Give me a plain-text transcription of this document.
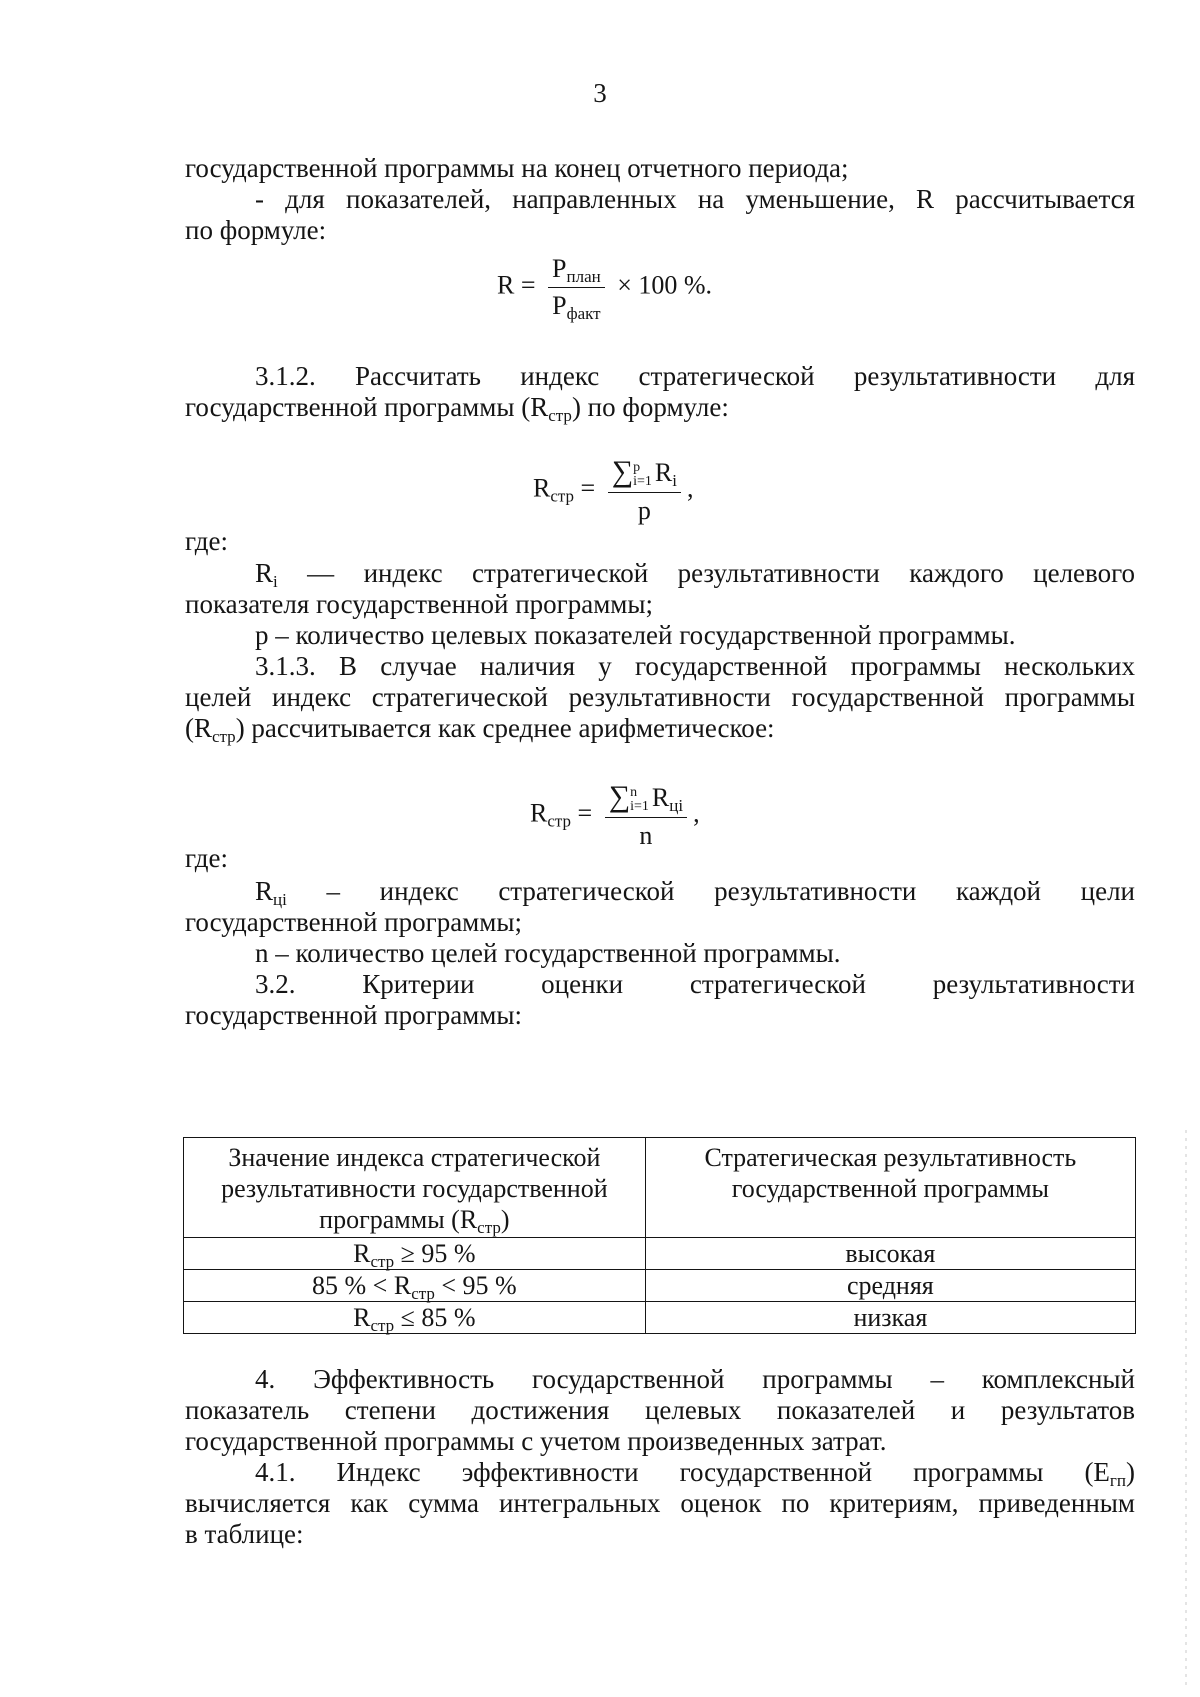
3

государственной программы на конец отчетного периода;

- для показателей, направленных на уменьшение, R рассчитывается

по формуле:

$R = \frac{P_{план}}{P_{факт}} \times 100$ %.

3.1.2. Рассчитать индекс стратегической результативности для

государственной программы $(R_{стр})$ по формуле:

$R_{стр} = \sum p$
i=1 $R_i$
p
,

где:

$R_i$ — индекс стратегической результативности каждого целевого

показателя государственной программы;

p – количество целевых показателей государственной программы.

3.1.3. В случае наличия у государственной программы нескольких

целей индекс стратегической результативности государственной программы

$(R_{стр})$ рассчитывается как среднее арифметическое:

$R_{стр} = \sum n$
i=1 $R_{цi}$
n
,

где:

$R_{цi}$ – индекс стратегической результативности каждой цели

государственной программы;

n – количество целей государственной программы.

3.2. Критерии оценки стратегической результативности

государственной программы:

Значение индекса стратегической
результативности государственной
программы $(R_{стр})$	Стратегическая результативность
государственной программы
$R_{стр} \ge 95$ %	высокая
85 % < $R_{стр} < 95$ %	средняя
$R_{стр} \le 85$ %	низкая

4. Эффективность государственной программы – комплексный

показатель степени достижения целевых показателей и результатов

государственной программы с учетом произведенных затрат.

4.1. Индекс эффективности государственной программы $(Е_{гп})$

вычисляется как сумма интегральных оценок по критериям, приведенным

в таблице:
